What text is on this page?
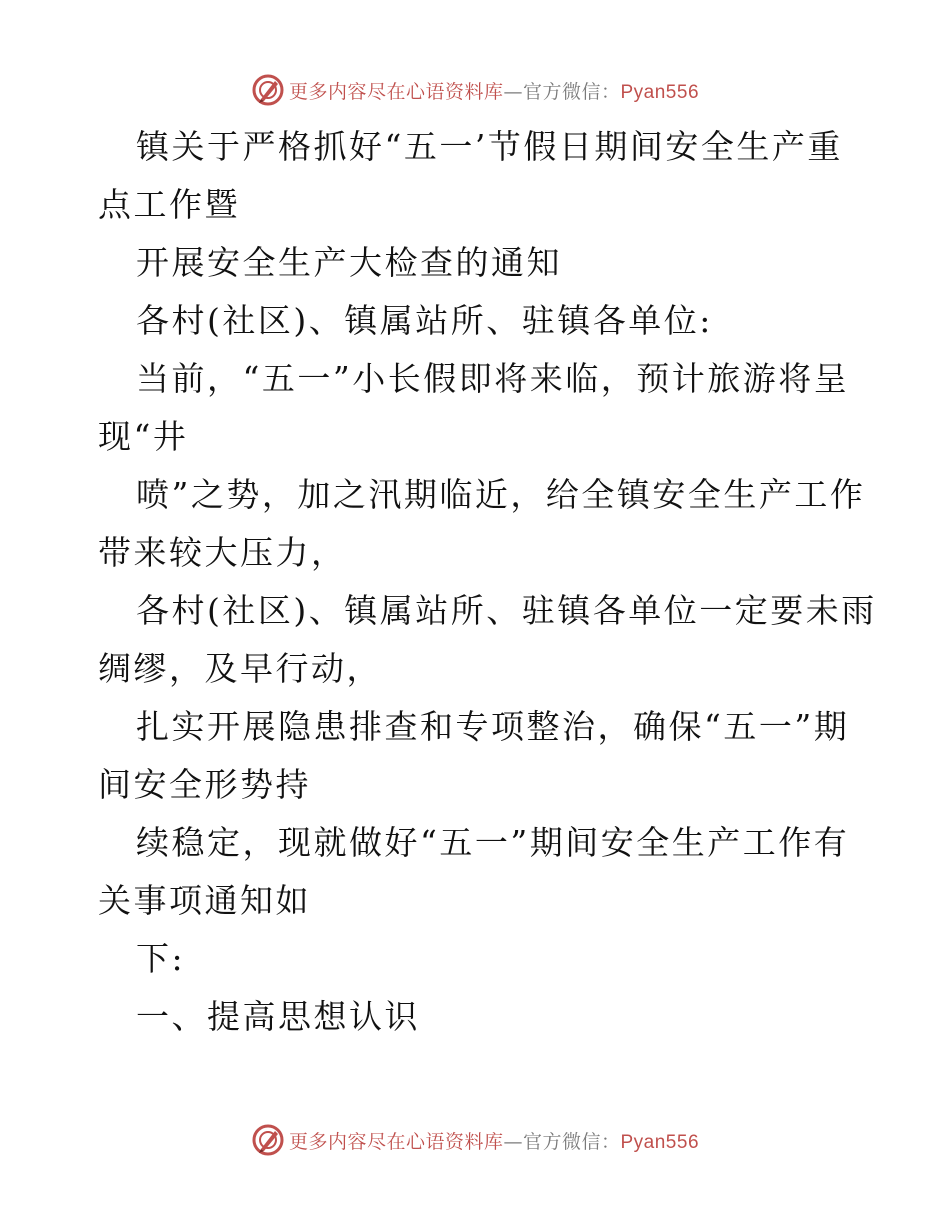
更多内容尽在心语资料库—官方微信：Pyan556
镇关于严格抓好“五一’节假日期间安全生产重
点工作暨
开展安全生产大检查的通知
各村(社区)、镇属站所、驻镇各单位:
当前，“五一”小长假即将来临，预计旅游将呈
现“井
喷”之势，加之汛期临近，给全镇安全生产工作
带来较大压力，
各村(社区)、镇属站所、驻镇各单位一定要未雨
绸缪，及早行动，
扎实开展隐患排查和专项整治，确保“五一”期
间安全形势持
续稳定，现就做好“五一”期间安全生产工作有
关事项通知如
下:
一、提高思想认识
更多内容尽在心语资料库—官方微信：Pyan556
